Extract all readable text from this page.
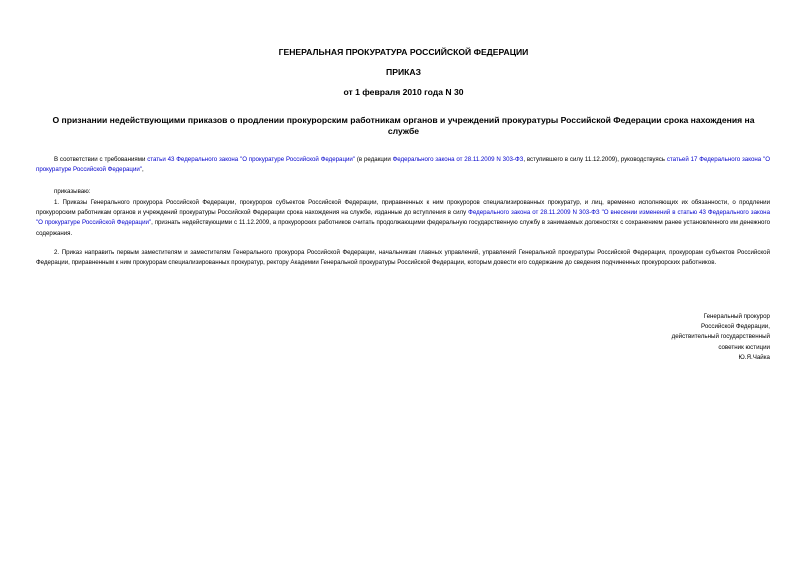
ГЕНЕРАЛЬНАЯ ПРОКУРАТУРА РОССИЙСКОЙ ФЕДЕРАЦИИ
ПРИКАЗ
от 1 февраля 2010 года N 30
О признании недействующими приказов о продлении прокурорским работникам органов и учреждений прокуратуры Российской Федерации срока нахождения на службе
В соответствии с требованиями статьи 43 Федерального закона "О прокуратуре Российской Федерации" (в редакции Федерального закона от 28.11.2009 N 303-ФЗ, вступившего в силу 11.12.2009), руководствуясь статьей 17 Федерального закона "О прокуратуре Российской Федерации",
приказываю:
1. Приказы Генерального прокурора Российской Федерации, прокуроров субъектов Российской Федерации, приравненных к ним прокуроров специализированных прокуратур, и лиц, временно исполняющих их обязанности, о продлении прокурорским работникам органов и учреждений прокуратуры Российской Федерации срока нахождения на службе, изданные до вступления в силу Федерального закона от 28.11.2009 N 303-ФЗ "О внесении изменений в статью 43 Федерального закона "О прокуратуре Российской Федерации", признать недействующими с 11.12.2009, а прокурорских работников считать продолжающими федеральную государственную службу в занимаемых должностях с сохранением ранее установленного им денежного содержания.
2. Приказ направить первым заместителям и заместителям Генерального прокурора Российской Федерации, начальникам главных управлений, управлений Генеральной прокуратуры Российской Федерации, прокурорам субъектов Российской Федерации, приравненным к ним прокурорам специализированных прокуратур, ректору Академии Генеральной прокуратуры Российской Федерации, которым довести его содержание до сведения подчиненных прокурорских работников.
Генеральный прокурор
Российской Федерации,
действительный государственный
советник юстиции
Ю.Я.Чайка
